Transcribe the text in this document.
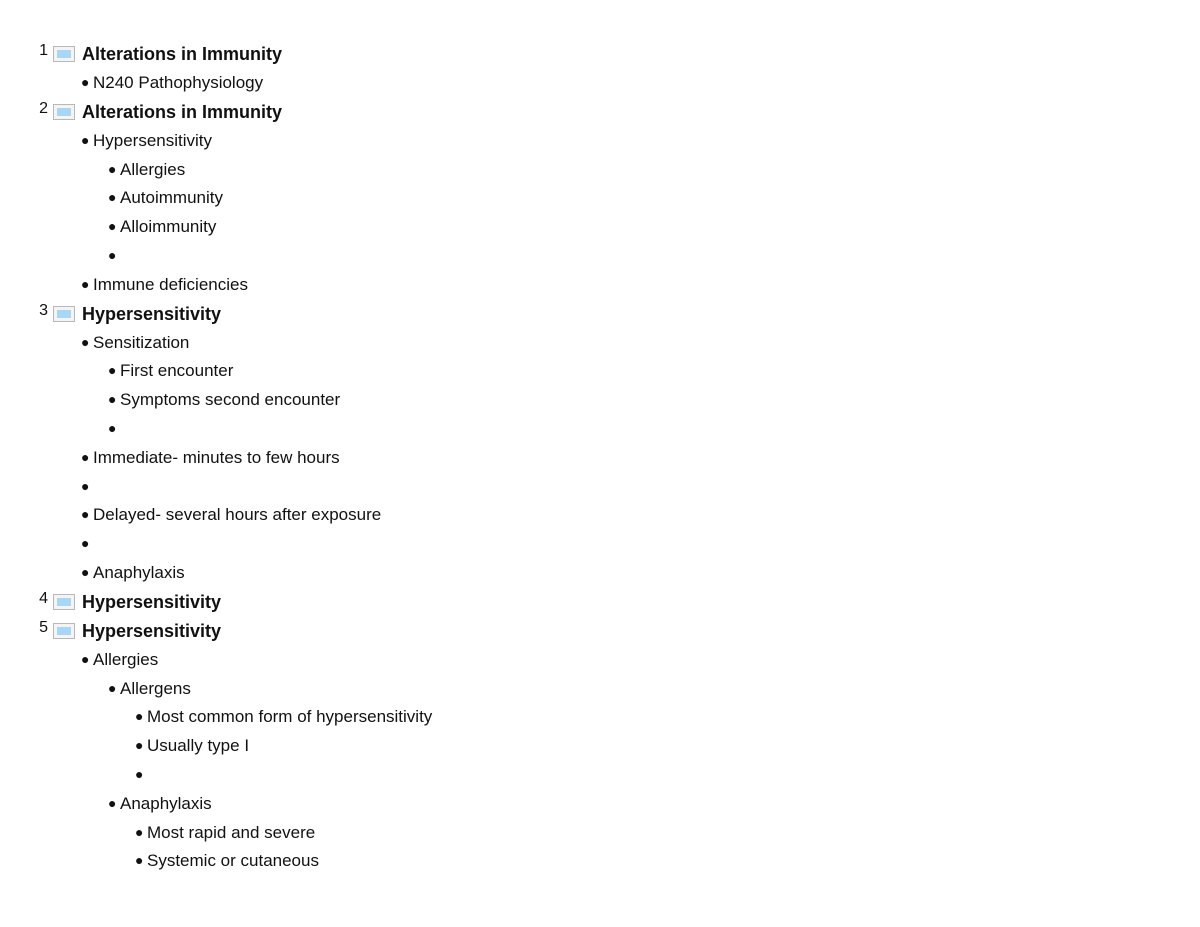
1 Alterations in Immunity
● N240 Pathophysiology
2 Alterations in Immunity
● Hypersensitivity
● Allergies
● Autoimmunity
● Alloimmunity
●
● Immune deficiencies
3 Hypersensitivity
● Sensitization
● First encounter
● Symptoms second encounter
●
● Immediate- minutes to few hours
●
● Delayed- several hours after exposure
●
● Anaphylaxis
4 Hypersensitivity
5 Hypersensitivity
● Allergies
● Allergens
● Most common form of hypersensitivity
● Usually type I
●
● Anaphylaxis
● Most rapid and severe
● Systemic or cutaneous
